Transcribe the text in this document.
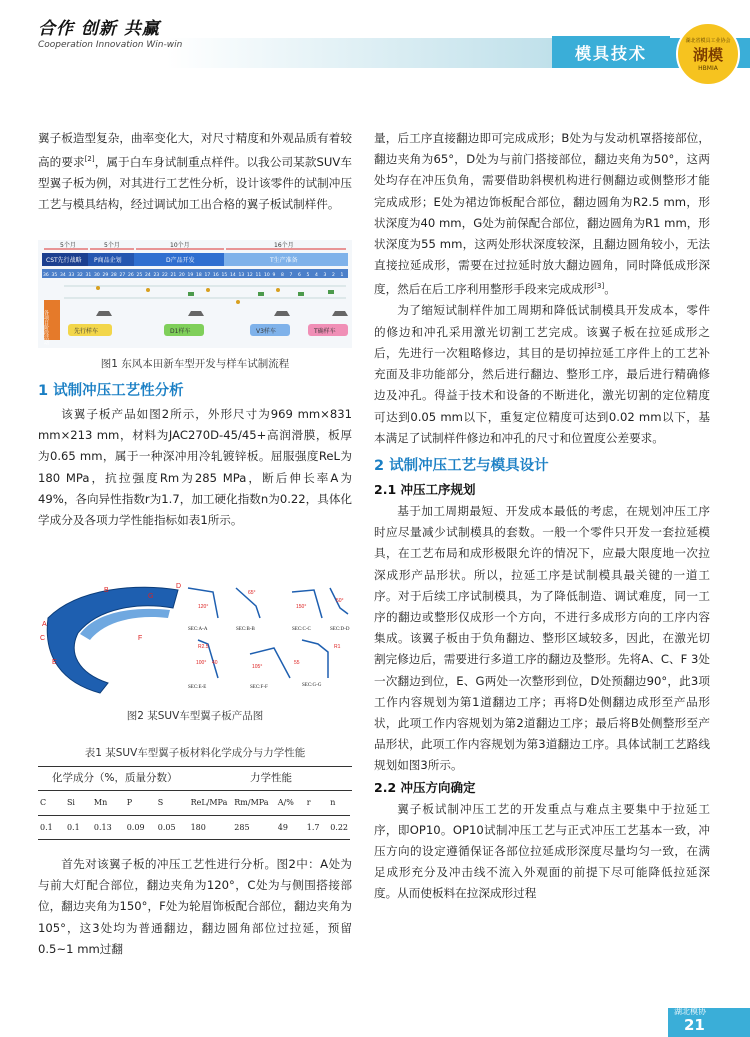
合作 创新 共赢
Cooperation Innovation Win-win	模具技术
湖北省模具工业协会
湖模
HBMIA

翼子板造型复杂，曲率变化大，对尺寸精度和外观品质有着较高的要求[2]，属于白车身试制重点样件。以我公司某款SUV车型翼子板为例，对其进行工艺性分析，设计该零件的试制冲压工艺与模具结构，经过调试加工出合格的翼子板试制样件。

5个月	5个月	10个月	16个月
CST先行战略 P商品企划	D产品开发	T生产准备
36 35 34 33 32 31 30 29 28 27 26 25 24 23 22 21 20 19 18 17 16 15 14 13 12 11 10 9 8 7 6 5 4 3 2 1
各项目阶段活动	先行样车	D1样车	V3样车	T确样车
图1 东风本田新车型开发与样车试制流程
1 试制冲压工艺性分析

该翼子板产品如图2所示，外形尺寸为969 mm×831 mm×213 mm，材料为JAC270D-45/45+高润滑膜，板厚为0.65 mm，属于一种深冲用冷轧镀锌板。屈服强度ReL为180 MPa，抗拉强度Rm为285 MPa，断后伸长率A为49%，各向异性指数r为1.7，加工硬化指数n为0.22，具体化学成分及各项力学性能指标如表1所示。

A
B
C
D
E
F
G
120°
65°
150°
50°
100°
105°
R2.5
40	55
R1
SEC:A-A	SEC:B-B	SEC:C-C	SEC:D-D
SEC:E-E	SEC:F-F	SEC:G-G
图2 某SUV车型翼子板产品图
表1 某SUV车型翼子板材料化学成分与力学性能
化学成分（%，质量分数）	力学性能
C	Si	Mn	P	S	ReL/MPa	Rm/MPa	A/%	r	n
0.1	0.1	0.13	0.09	0.05	180	285	49	1.7	0.22

首先对该翼子板的冲压工艺性进行分析。图2中：A处为与前大灯配合部位，翻边夹角为120°，C处为与侧围搭接部位，翻边夹角为150°，F处为轮眉饰板配合部位，翻边夹角为105°，这3处均为普通翻边，翻边圆角部位过拉延，预留0.5~1 mm过翻

量，后工序直接翻边即可完成成形；B处为与发动机罩搭接部位，翻边夹角为65°，D处为与前门搭接部位，翻边夹角为50°，这两处均存在冲压负角，需要借助斜楔机构进行侧翻边或侧整形才能完成成形；E处为裙边饰板配合部位，翻边圆角为R2.5 mm，形状深度为40 mm，G处为前保配合部位，翻边圆角为R1 mm，形状深度为55 mm，这两处形状深度较深，且翻边圆角较小，无法直接拉延成形，需要在过拉延时放大翻边圆角，同时降低成形深度，然后在后工序利用整形手段来完成成形[3]。

为了缩短试制样件加工周期和降低试制模具开发成本，零件的修边和冲孔采用激光切割工艺完成。该翼子板在拉延成形之后，先进行一次粗略修边，其目的是切掉拉延工序件上的工艺补充面及非功能部分，然后进行翻边、整形工序，最后进行精确修边及冲孔。得益于技术和设备的不断进化，激光切割的定位精度可达到0.05 mm以下，重复定位精度可达到0.02 mm以下，基本满足了试制样件修边和冲孔的尺寸和位置度公差要求。

2 试制冲压工艺与模具设计
2.1 冲压工序规划

基于加工周期最短、开发成本最低的考虑，在规划冲压工序时应尽量减少试制模具的套数。一般一个零件只开发一套拉延模具，在工艺布局和成形极限允许的情况下，应最大限度地一次拉深成形产品形状。所以，拉延工序是试制模具最关键的一道工序。对于后续工序试制模具，为了降低制造、调试难度，同一工序的翻边或整形仅成形一个方向，不进行多成形方向的工序内容集成。该翼子板由于负角翻边、整形区域较多，因此，在激光切割完修边后，需要进行多道工序的翻边及整形。先将A、C、F 3处一次翻边到位，E、G两处一次整形到位，D处预翻边90°，此3项工作内容规划为第1道翻边工序；再将D处侧翻边成形至产品形状，此项工作内容规划为第2道翻边工序；最后将B处侧整形至产品形状，此项工作内容规划为第3道翻边工序。具体试制工艺路线规划如图3所示。

2.2 冲压方向确定

翼子板试制冲压工艺的开发重点与难点主要集中于拉延工序，即OP10。OP10试制冲压工艺与正式冲压工艺基本一致，冲压方向的设定遵循保证各部位拉延成形深度尽量均匀一致，在满足成形充分及冲击线不流入外观面的前提下尽可能降低拉延深度。从而使板料在拉深成形过程

湖北模协
21
